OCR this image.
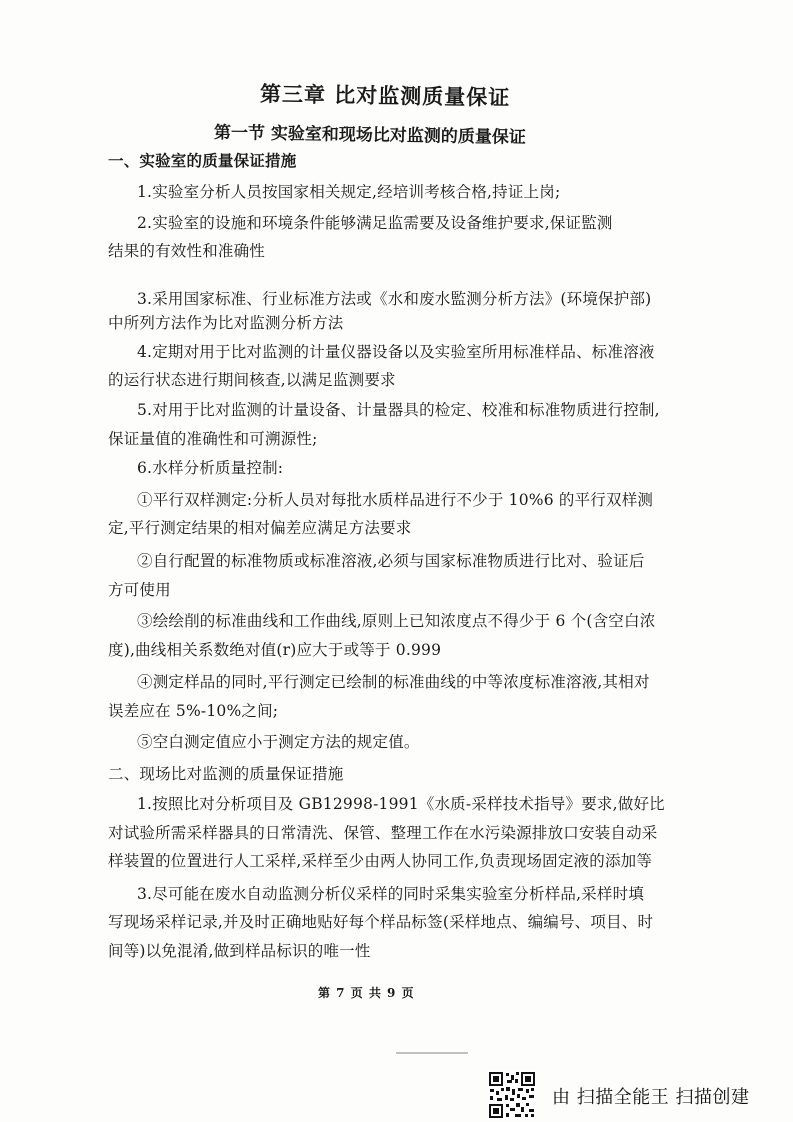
第三章 比对监测质量保证
第一节 实验室和现场比对监测的质量保证
一、实验室的质量保证措施
1.实验室分析人员按国家相关规定,经培训考核合格,持证上岗;
2.实验室的设施和环境条件能够满足监需要及设备维护要求,保证監测
结果的有效性和准确性
3.采用国家标准、行业标准方法或《水和废水監测分析方法》(环境保护部)
中所列方法作为比对监测分析方法
4.定期对用于比对监测的计量仪器设备以及实验室所用标准样品、标准溶液
的运行状态进行期间核查,以满足监测要求
5.对用于比对监测的计量设备、计量器具的检定、校准和标准物质进行控制,
保证量值的准确性和可溯源性;
6.水样分析质量控制:
①平行双样测定:分析人员对每批水质样品进行不少于 10%6 的平行双样测
定,平行测定结果的相对偏差应满足方法要求
②自行配置的标准物质或标准溶液,必须与国家标准物质进行比对、验证后
方可使用
③绘绘削的标准曲线和工作曲线,原则上已知浓度点不得少于 6 个(含空白浓
度),曲线相关系数绝对值(r)应大于或等于 0.999
④测定样品的同时,平行测定已绘制的标准曲线的中等浓度标准溶液,其相对
误差应在 5%-10%之间;
⑤空白测定值应小于测定方法的规定值。
二、现场比对监测的质量保证措施
1.按照比对分析项目及 GB12998-1991《水质-采样技术指导》要求,做好比
对试验所需采样器具的日常清洗、保管、整理工作在水污染源排放口安装自动采
样装置的位置进行人工采样,采样至少由两人协同工作,负责现场固定液的添加等
3.尽可能在废水自动监测分析仪采样的同时采集实验室分析样品,采样时填
写现场采样记录,并及时正确地贴好每个样品标签(采样地点、编编号、项目、时
间等)以免混淆,做到样品标识的唯一性
第 7 页 共 9 页
由 扫描全能王 扫描创建
